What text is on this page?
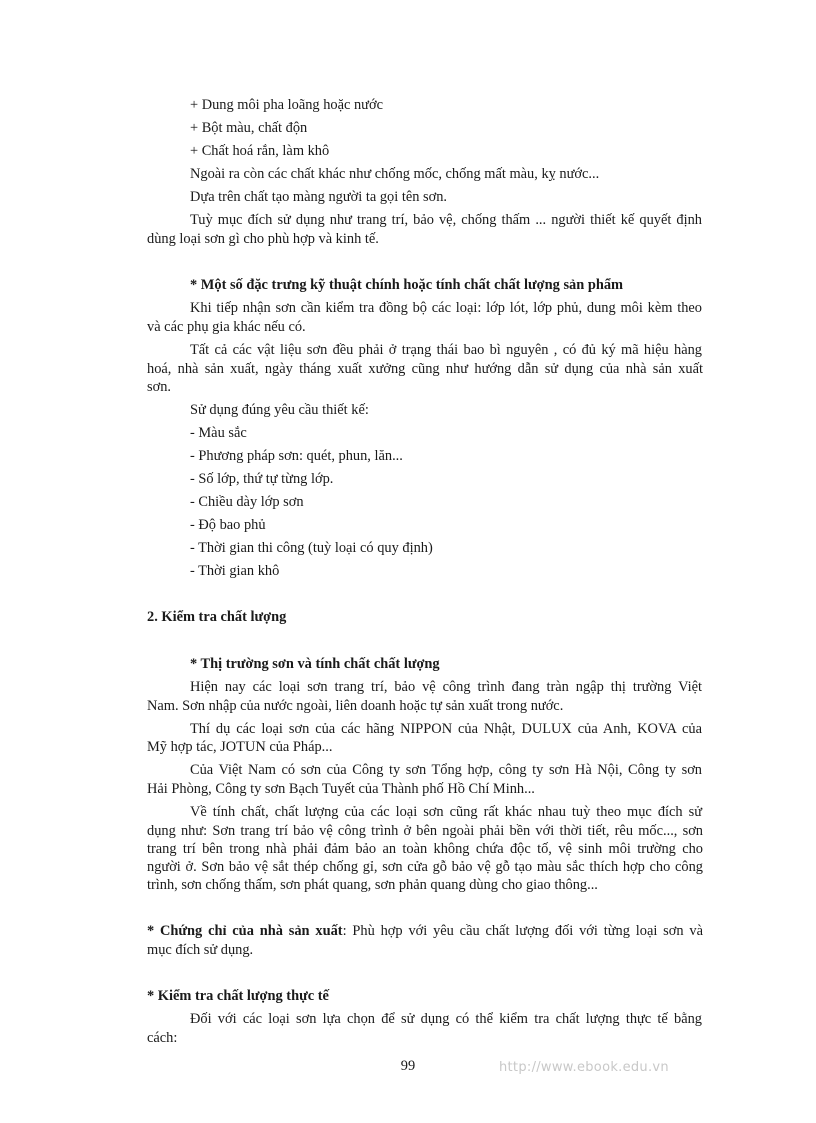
+ Dung môi pha loãng hoặc nước

+ Bột màu, chất độn

+ Chất hoá rắn, làm khô

Ngoài ra còn các chất khác như chống mốc, chống mất màu, kỵ nước...

Dựa trên chất tạo màng người ta gọi tên sơn.

Tuỳ mục đích sử dụng như trang trí, bảo vệ, chống thấm ... người thiết kế quyết định

dùng loại sơn gì cho phù hợp và kinh tế.

* Một số đặc trưng kỹ thuật chính hoặc tính chất chất lượng sản phẩm

Khi tiếp nhận sơn cần kiểm tra đồng bộ các loại: lớp lót, lớp phủ, dung môi kèm theo

và các phụ gia khác nếu có.

Tất cả các vật liệu sơn đều phải ở trạng thái bao bì nguyên , có đủ ký mã hiệu hàng

hoá, nhà sản xuất, ngày tháng xuất xưởng cũng như hướng dẫn sử dụng của nhà sản xuất

sơn.

Sử dụng đúng yêu cầu thiết kế:

- Màu sắc

- Phương pháp sơn: quét, phun, lăn...

- Số lớp, thứ tự từng lớp.

- Chiều dày lớp sơn

- Độ bao phủ

- Thời gian thi công (tuỳ loại có quy định)

- Thời gian khô

2. Kiểm tra chất lượng

* Thị trường sơn và tính chất chất lượng

Hiện nay các loại sơn trang trí, bảo vệ công trình đang tràn ngập thị trường Việt

Nam. Sơn nhập của nước ngoài, liên doanh hoặc tự sản xuất trong nước.

Thí dụ các loại sơn của các hãng NIPPON của Nhật, DULUX của Anh, KOVA của

Mỹ hợp tác, JOTUN của Pháp...

Của Việt Nam có sơn của Công ty sơn Tổng hợp, công ty sơn Hà Nội, Công ty sơn

Hải Phòng, Công ty sơn Bạch Tuyết của Thành phố Hồ Chí Minh...

Về tính chất, chất lượng của các loại sơn cũng rất khác nhau tuỳ theo mục đích sử

dụng như: Sơn trang trí bảo vệ công trình ở bên ngoài phải bền với thời tiết, rêu mốc..., sơn

trang trí bên trong nhà phải đảm bảo an toàn không chứa độc tố, vệ sinh môi trường cho

người ở. Sơn bảo vệ sắt thép chống gỉ, sơn cửa gỗ bảo vệ gỗ tạo màu sắc thích hợp cho công

trình, sơn chống thấm, sơn phát quang, sơn phản quang dùng cho giao thông...

* Chứng chỉ của nhà sản xuất: Phù hợp với yêu cầu chất lượng đối với từng loại sơn và

mục đích sử dụng.

* Kiểm tra chất lượng thực tế

Đối với các loại sơn lựa chọn để sử dụng có thể kiểm tra chất lượng thực tế bằng

cách:

99	http://www.ebook.edu.vn
